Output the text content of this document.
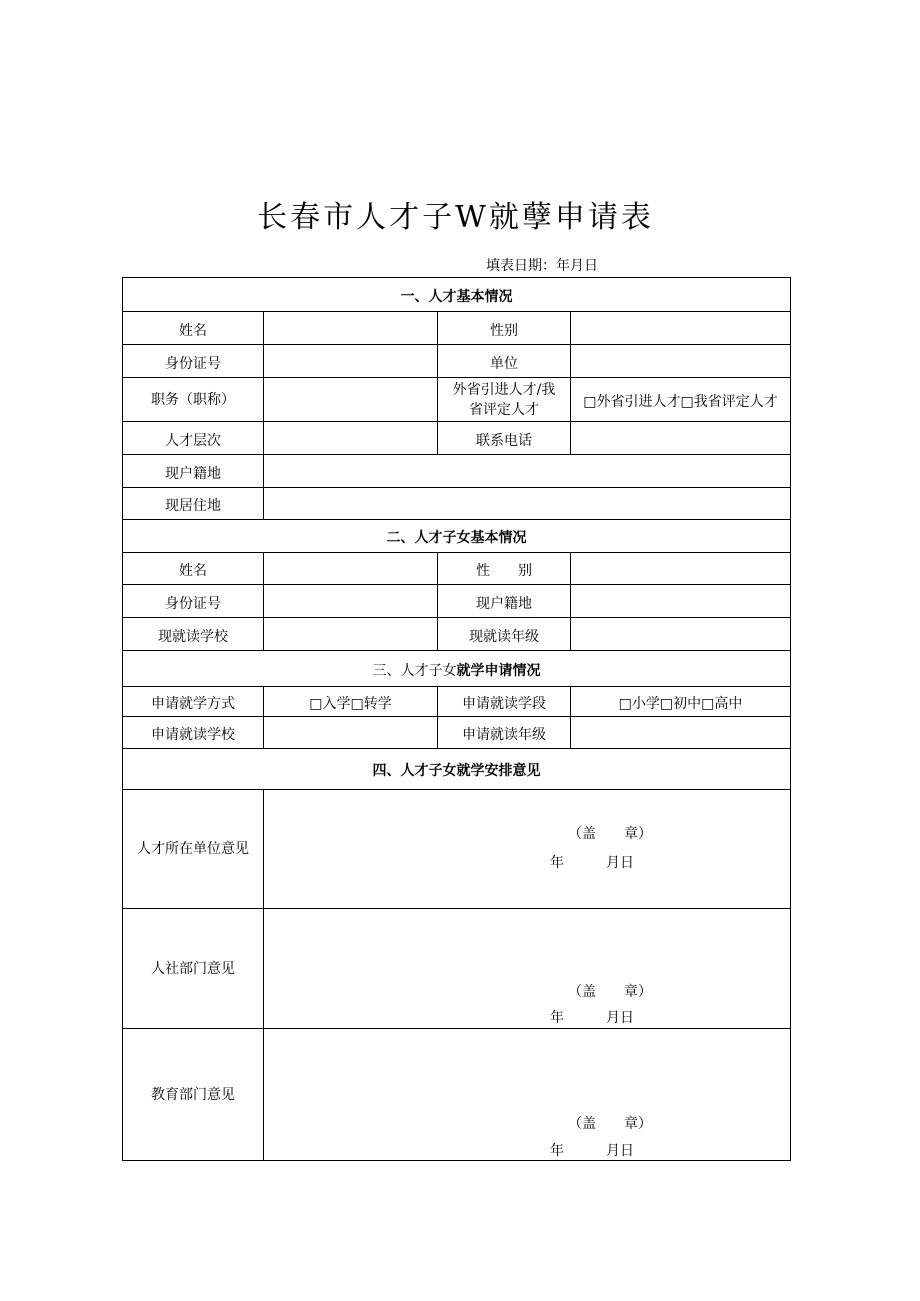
长春市人才子W就孽申请表
填表日期：年月日
一、人才基本情况			
姓名		性别	
身份证号		单位	
职务（职称）		外省引进人才/我
省评定人才	□外省引进人才□我省评定人才
人才层次		联系电话	
现户籍地			
现居住地			
二、人才子女基本情况			
姓名		性　　别	
身份证号		现户籍地	
现就读学校		现就读年级	
三、人才子女就学申请情况			
申请就学方式	□入学□转学	申请就读学段	□小学□初中□高中
申请就读学校		申请就读年级	
四、人才子女就学安排意见			
人才所在单位意见	（盖　　章）
年　　　月日		

人社部门意见	（盖　　章）
年　　　月日		

教育部门意见	（盖　　章）
年　　　月日		
